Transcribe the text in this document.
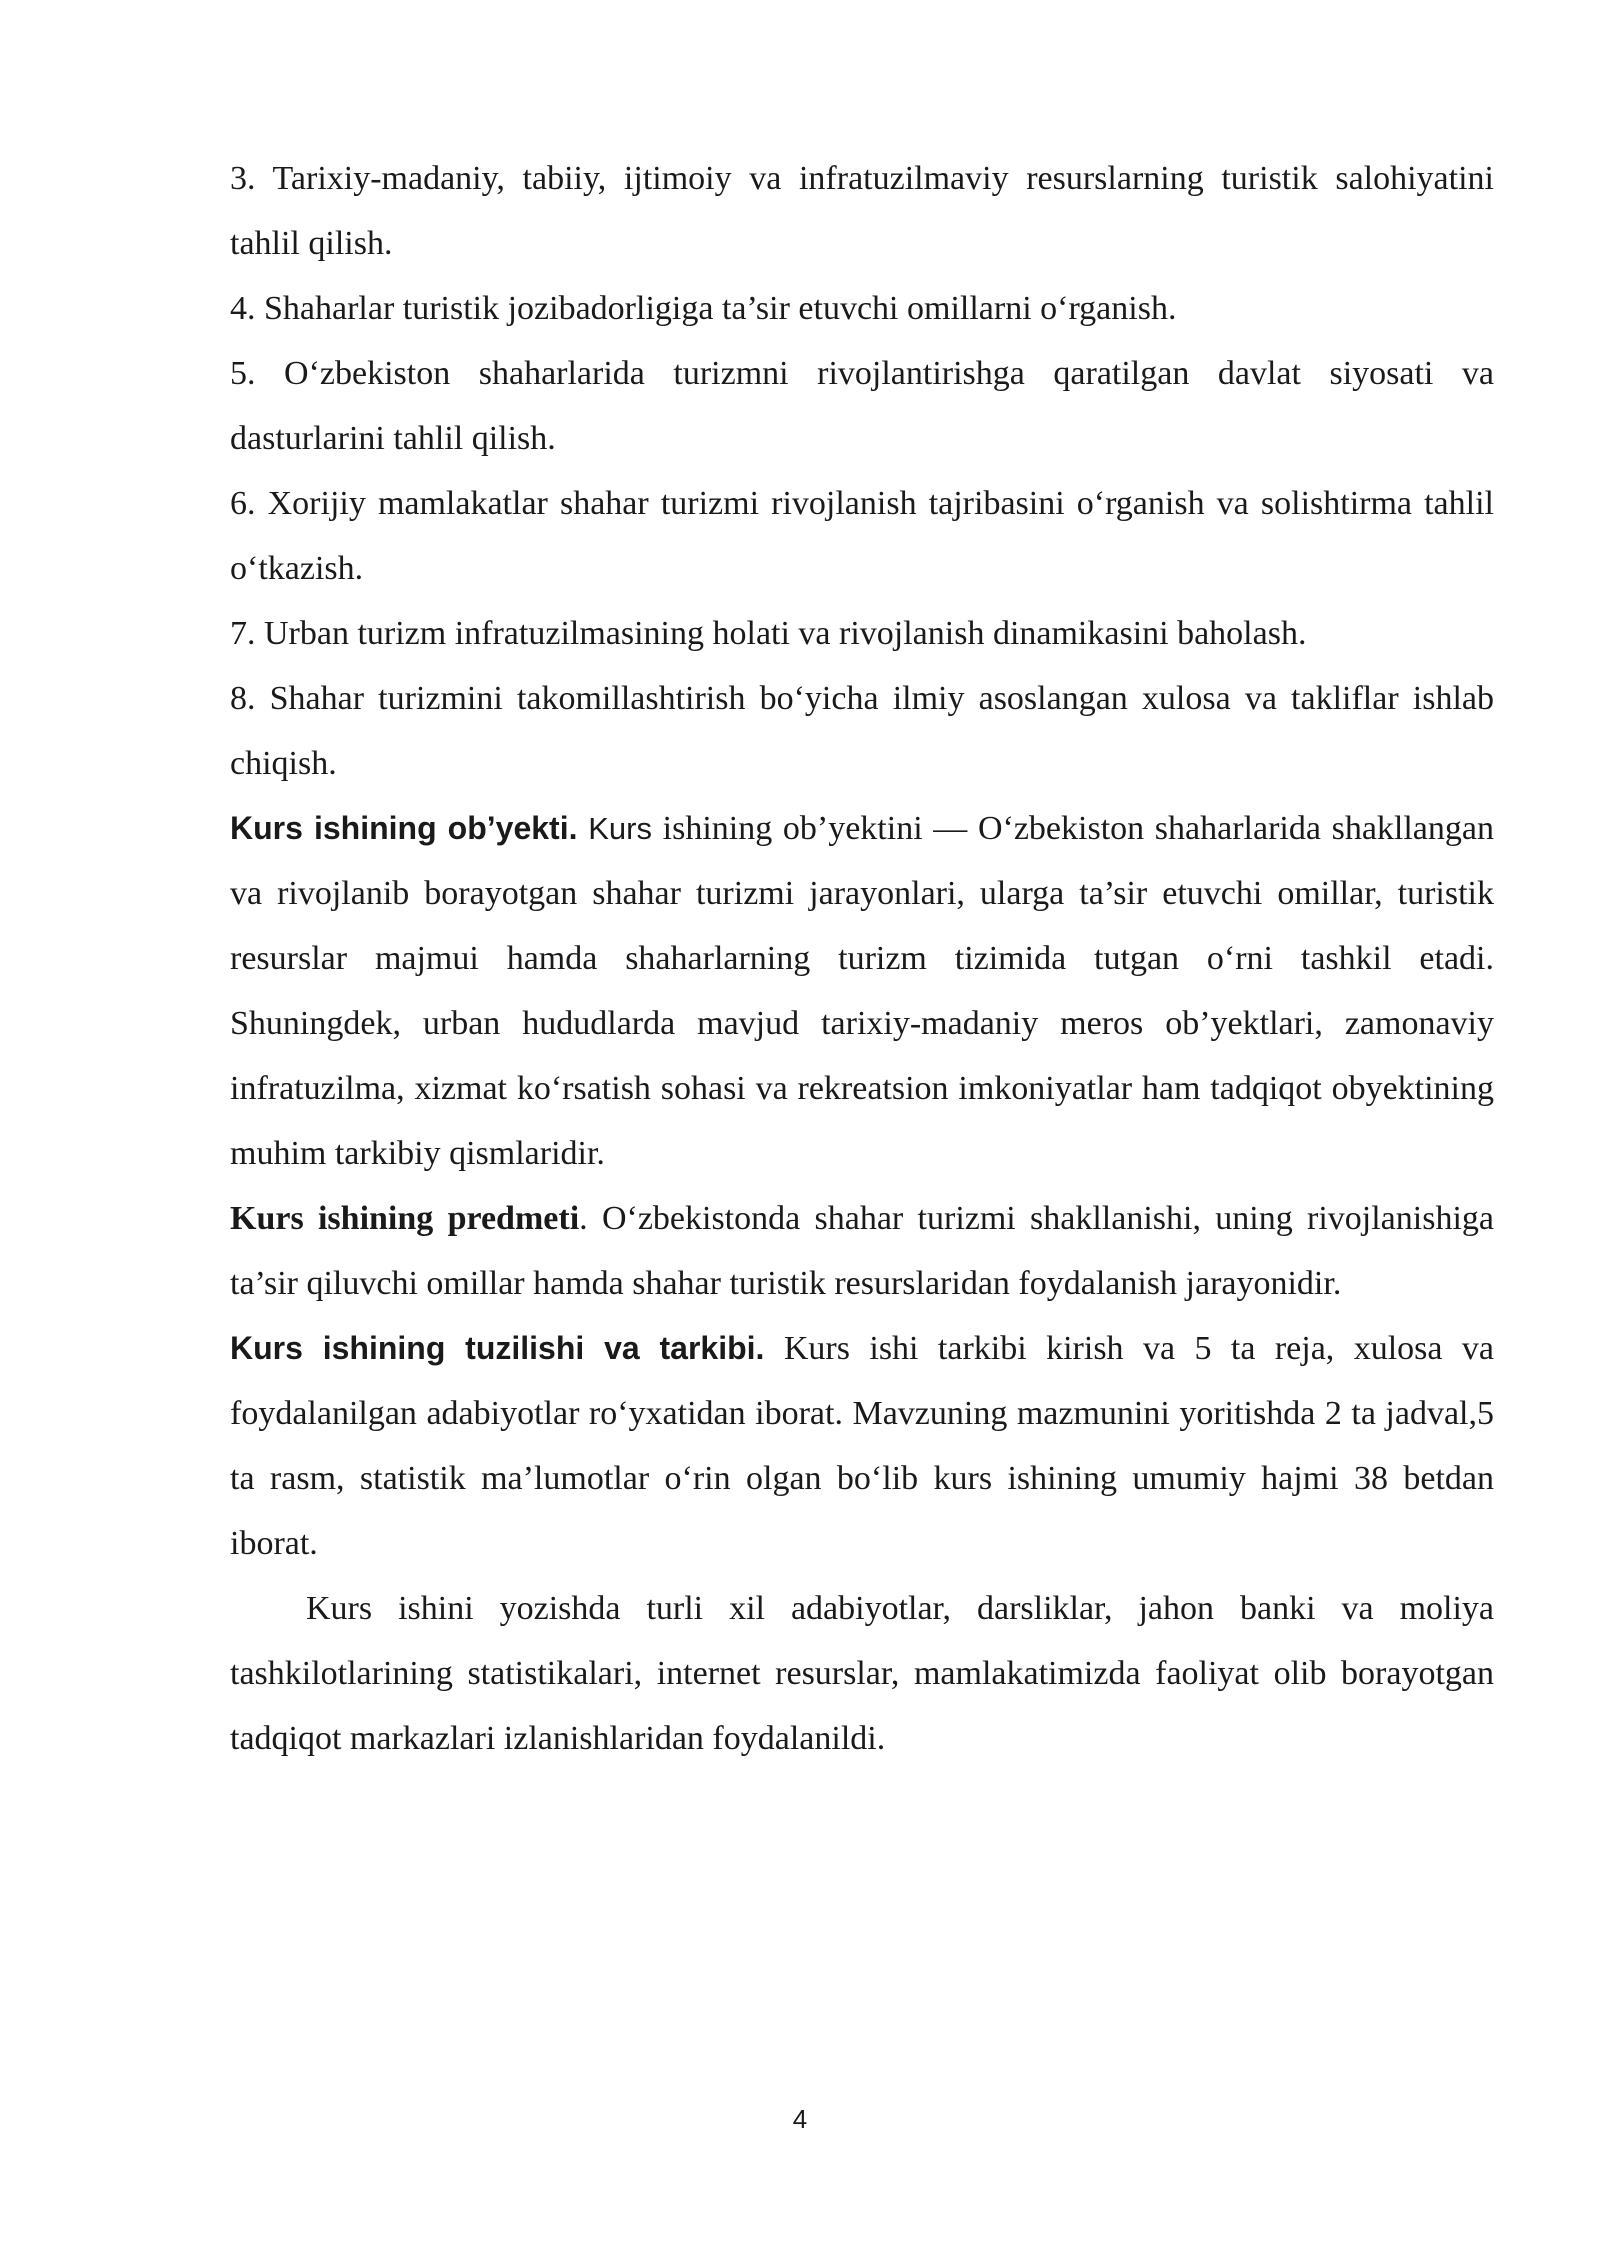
3. Tarixiy-madaniy, tabiiy, ijtimoiy va infratuzilmaviy resurslarning turistik salohiyatini tahlil qilish.

4. Shaharlar turistik jozibadorligiga ta’sir etuvchi omillarni o‘rganish.

5. O‘zbekiston shaharlarida turizmni rivojlantirishga qaratilgan davlat siyosati va dasturlarini tahlil qilish.

6. Xorijiy mamlakatlar shahar turizmi rivojlanish tajribasini o‘rganish va solishtirma tahlil o‘tkazish.

7. Urban turizm infratuzilmasining holati va rivojlanish dinamikasini baholash.

8. Shahar turizmini takomillashtirish bo‘yicha ilmiy asoslangan xulosa va takliflar ishlab chiqish.

Kurs ishining ob’yekti. Kurs ishining ob’yektini — O‘zbekiston shaharlarida shakllangan va rivojlanib borayotgan shahar turizmi jarayonlari, ularga ta’sir etuvchi omillar, turistik resurslar majmui hamda shaharlarning turizm tizimida tutgan o‘rni tashkil etadi. Shuningdek, urban hududlarda mavjud tarixiy-madaniy meros ob’yektlari, zamonaviy infratuzilma, xizmat ko‘rsatish sohasi va rekreatsion imkoniyatlar ham tadqiqot obyektining muhim tarkibiy qismlaridir.

Kurs ishining predmeti. O‘zbekistonda shahar turizmi shakllanishi, uning rivojlanishiga ta’sir qiluvchi omillar hamda shahar turistik resurslaridan foydalanish jarayonidir.

Kurs ishining tuzilishi va tarkibi. Kurs ishi tarkibi kirish va 5 ta reja, xulosa va foydalanilgan adabiyotlar ro‘yxatidan iborat. Mavzuning mazmunini yoritishda 2 ta jadval,5 ta rasm, statistik ma’lumotlar o‘rin olgan bo‘lib kurs ishining umumiy hajmi 38 betdan iborat.

Kurs ishini yozishda turli xil adabiyotlar, darsliklar, jahon banki va moliya tashkilotlarining statistikalari, internet resurslar, mamlakatimizda faoliyat olib borayotgan tadqiqot markazlari izlanishlaridan foydalanildi.

4
